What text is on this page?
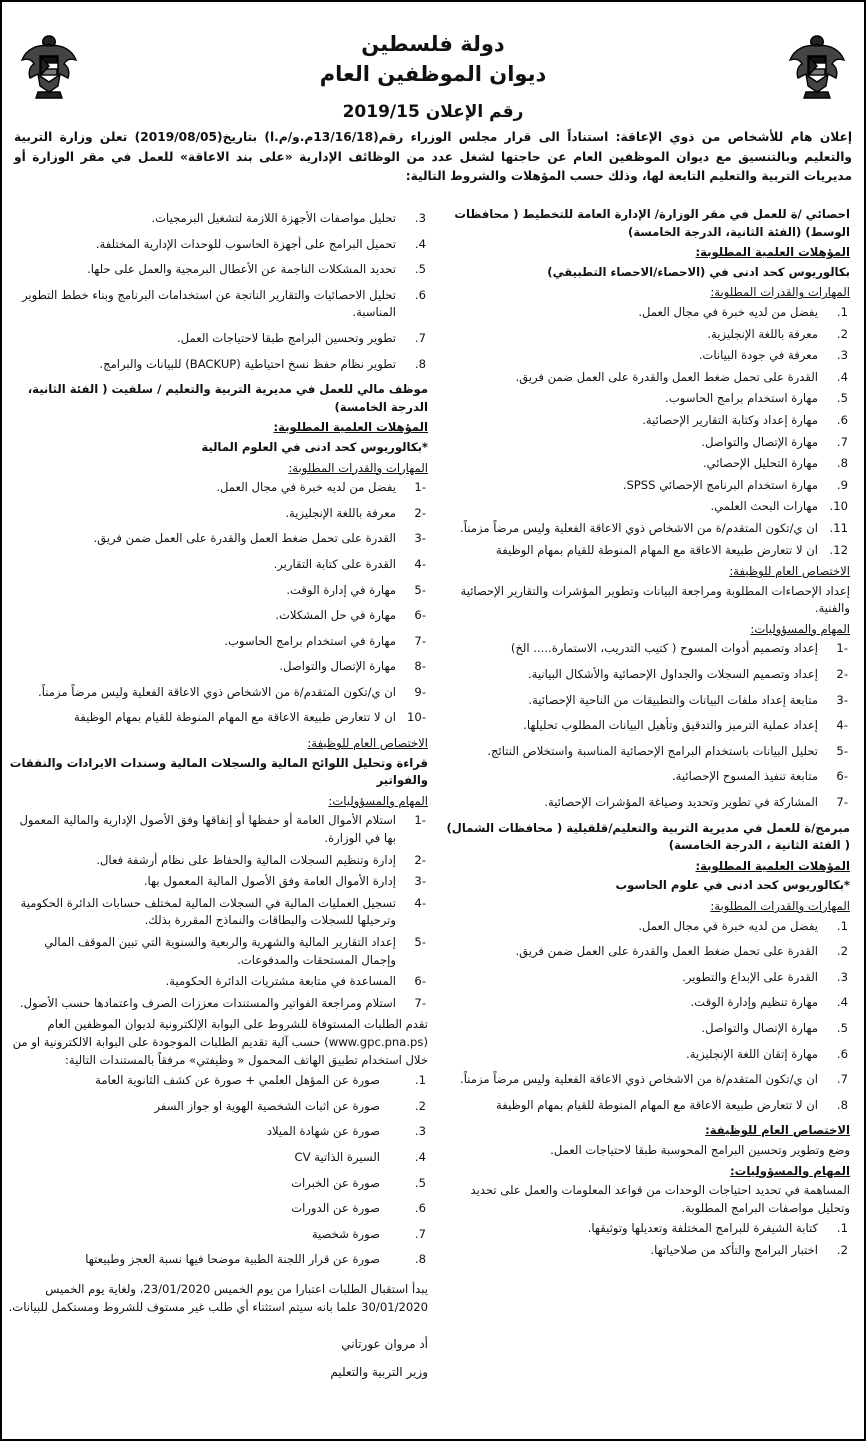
دولة فلسطين
ديوان الموظفين العام
رقم الإعلان 2019/15
إعلان هام للأشخاص من ذوي الإعاقة: استناداً الى قرار مجلس الوزراء رقم(13/16/18م.و/م.ا) بتاريخ(2019/08/05) تعلن وزارة التربية والتعليم وبالتنسيق مع ديوان الموظفين العام عن حاجتها لشغل عدد من الوظائف الإدارية «على بند الاعاقة» للعمل في مقر الوزارة أو مديريات التربية والتعليم التابعة لها، وذلك حسب المؤهلات والشروط التالية:
احصائي /ة للعمل في مقر الوزارة/ الإدارة العامة للتخطيط ( محافظات الوسط) (الفئة الثانية، الدرجة الخامسة)
المؤهلات العلمية المطلوبة:
بكالوريوس كحد ادنى في (الاحصاء/الاحصاء التطبيقي)
المهارات والقدرات المطلوبة:
1.
يفضل من لديه خبرة في مجال العمل.
2.
معرفة باللغة الإنجليزية.
3.
معرفة في جودة البيانات.
4.
القدرة على تحمل ضغط العمل والقدرة على العمل ضمن فريق.
5.
مهارة استخدام برامج الحاسوب.
6.
مهارة إعداد وكتابة التقارير الإحصائية.
7.
مهارة الإتصال والتواصل.
8.
مهارة التحليل الإحصائي.
9.
مهارة استخدام البرنامج الإحصائي SPSS.
10.
مهارات البحث العلمي.
11.
ان ي/تكون المتقدم/ة من الاشخاص ذوي الاعاقة الفعلية وليس مرضاً مزمناً.
12.
ان لا تتعارض طبيعة الاعاقة مع المهام المنوطة للقيام بمهام الوظيفة
الاختصاص العام للوظيفة:
إعداد الإحصاءات المطلوبة ومراجعة البيانات وتطوير المؤشرات والتقارير الإحصائية والفنية.
المهام والمسؤوليات:
-1
إعداد وتصميم أدوات المسوح ( كتيب التدريب، الاستمارة..... الخ)
-2
إعداد وتصميم السجلات والجداول الإحصائية والأشكال البيانية.
-3
متابعة إعداد ملفات البيانات والتطبيقات من الناحية الإحصائية.
-4
إعداد عملية الترميز والتدقيق وتأهيل البيانات المطلوب تحليلها.
-5
تحليل البيانات باستخدام البرامج الإحصائية المناسبة واستخلاص النتائج.
-6
متابعة تنفيذ المسوح الإحصائية.
-7
المشاركة في تطوير وتحديد وصياغة المؤشرات الإحصائية.
مبرمج/ة للعمل في مديرية التربية والتعليم/قلقيلية ( محافظات الشمال) ( الفئة الثانية ، الدرجة الخامسة)
المؤهلات العلمية المطلوبة:
*بكالوريوس كحد ادنى في علوم الحاسوب
المهارات والقدرات المطلوبة:
1.
يفضل من لديه خبرة في مجال العمل.
2.
القدرة على تحمل ضغط العمل والقدرة على العمل ضمن فريق.
3.
القدرة على الإبداع والتطوير.
4.
مهارة تنظيم وإدارة الوقت.
5.
مهارة الإتصال والتواصل.
6.
مهارة إتقان اللغة الإنجليزية.
7.
ان ي/تكون المتقدم/ة من الاشخاص ذوي الاعاقة الفعلية وليس مرضاً مزمناً.
8.
ان لا تتعارض طبيعة الاعاقة مع المهام المنوطة للقيام بمهام الوظيفة
الاختصاص العام للوظيفة:
وضع وتطوير وتحسين البرامج المحوسبة طبقا لاحتياجات العمل.
المهام والمسؤوليات:
المساهمة في تحديد احتياجات الوحدات من قواعد المعلومات والعمل على تحديد وتحليل مواصفات البرامج المطلوبة.
1.
كتابة الشيفرة للبرامج المختلفة وتعديلها وتوثيقها.
2.
اختبار البرامج والتأكد من صلاحياتها.
3.
تحليل مواصفات الأجهزة اللازمة لتشغيل البرمجيات.
4.
تحميل البرامج على أجهزة الحاسوب للوحدات الإدارية المختلفة.
5.
تحديد المشكلات الناجمة عن الأعطال البرمجية والعمل على حلها.
6.
تحليل الاحصائيات والتقارير الناتجة عن استخدامات البرنامج وبناء خطط التطوير المناسبة.
7.
تطوير وتحسين البرامج طبقا لاحتياجات العمل.
8.
تطوير نظام حفظ نسخ احتياطية (BACKUP) للبيانات والبرامج.
موظف مالي للعمل في مديرية التربية والتعليم / سلفيت ( الفئة الثانية، الدرجة الخامسة)
المؤهلات العلمية المطلوبة:
*بكالوريوس كحد ادنى في العلوم المالية
المهارات والقدرات المطلوبة:
-1
يفضل من لديه خبرة في مجال العمل.
-2
معرفة باللغة الإنجليزية.
-3
القدرة على تحمل ضغط العمل والقدرة على العمل ضمن فريق.
-4
القدرة على كتابة التقارير.
-5
مهارة في إدارة الوقت.
-6
مهارة في حل المشكلات.
-7
مهارة في استخدام برامج الحاسوب.
-8
مهارة الإتصال والتواصل.
-9
ان ي/تكون المتقدم/ة من الاشخاص ذوي الاعاقة الفعلية وليس مرضاً مزمناً.
-10
ان لا تتعارض طبيعة الاعاقة مع المهام المنوطة للقيام بمهام الوظيفة
الاختصاص العام للوظيفة:
قراءة وتحليل اللوائح المالية والسجلات المالية وسندات الايرادات والنفقات والفواتير
المهام والمسؤوليات:
-1
استلام الأموال العامة أو حفظها أو إنفاقها وفق الأصول الإدارية والمالية المعمول بها في الوزارة.
-2
إدارة وتنظيم السجلات المالية والحفاظ على نظام أرشفة فعال.
-3
إدارة الأموال العامة وفق الأصول المالية المعمول بها.
-4
تسجيل العمليات المالية في السجلات المالية لمختلف حسابات الدائرة الحكومية وترحيلها للسجلات والبطاقات والنماذج المقررة بذلك.
-5
إعداد التقارير المالية والشهرية والربعية والسنوية التي تبين الموقف المالي وإجمال المستحقات والمدفوعات.
-6
المساعدة في متابعة مشتريات الدائرة الحكومية.
-7
استلام ومراجعة الفواتير والمستندات معززات الصرف واعتمادها حسب الأصول.
تقدم الطلبات المستوفاة للشروط على البوابة الإلكترونية لديوان الموظفين العام (www.gpc.pna.ps) حسب آلية تقديم الطلبات الموجودة على البوابة الالكترونية او من خلال استخدام تطبيق الهاتف المحمول « وظيفتي» مرفقاً بالمستندات التالية:
1.
صورة عن المؤهل العلمي + صورة عن كشف الثانوية العامة
2.
صورة عن اثبات الشخصية الهوية او جواز السفر
3.
صورة عن شهادة الميلاد
4.
السيرة الذاتية CV
5.
صورة عن الخبرات
6.
صورة عن الدورات
7.
صورة شخصية
8.
صورة عن قرار اللجنة الطبية موضحا فيها نسبة العجز وطبيعتها
يبدأ استقبال الطلبات اعتبارا من يوم الخميس 23/01/2020، ولغاية يوم الخميس 30/01/2020 علما بانه سيتم استثناء أي طلب غير مستوف للشروط ومستكمل للبيانات.
أد مروان عورتاني
وزير التربية والتعليم
